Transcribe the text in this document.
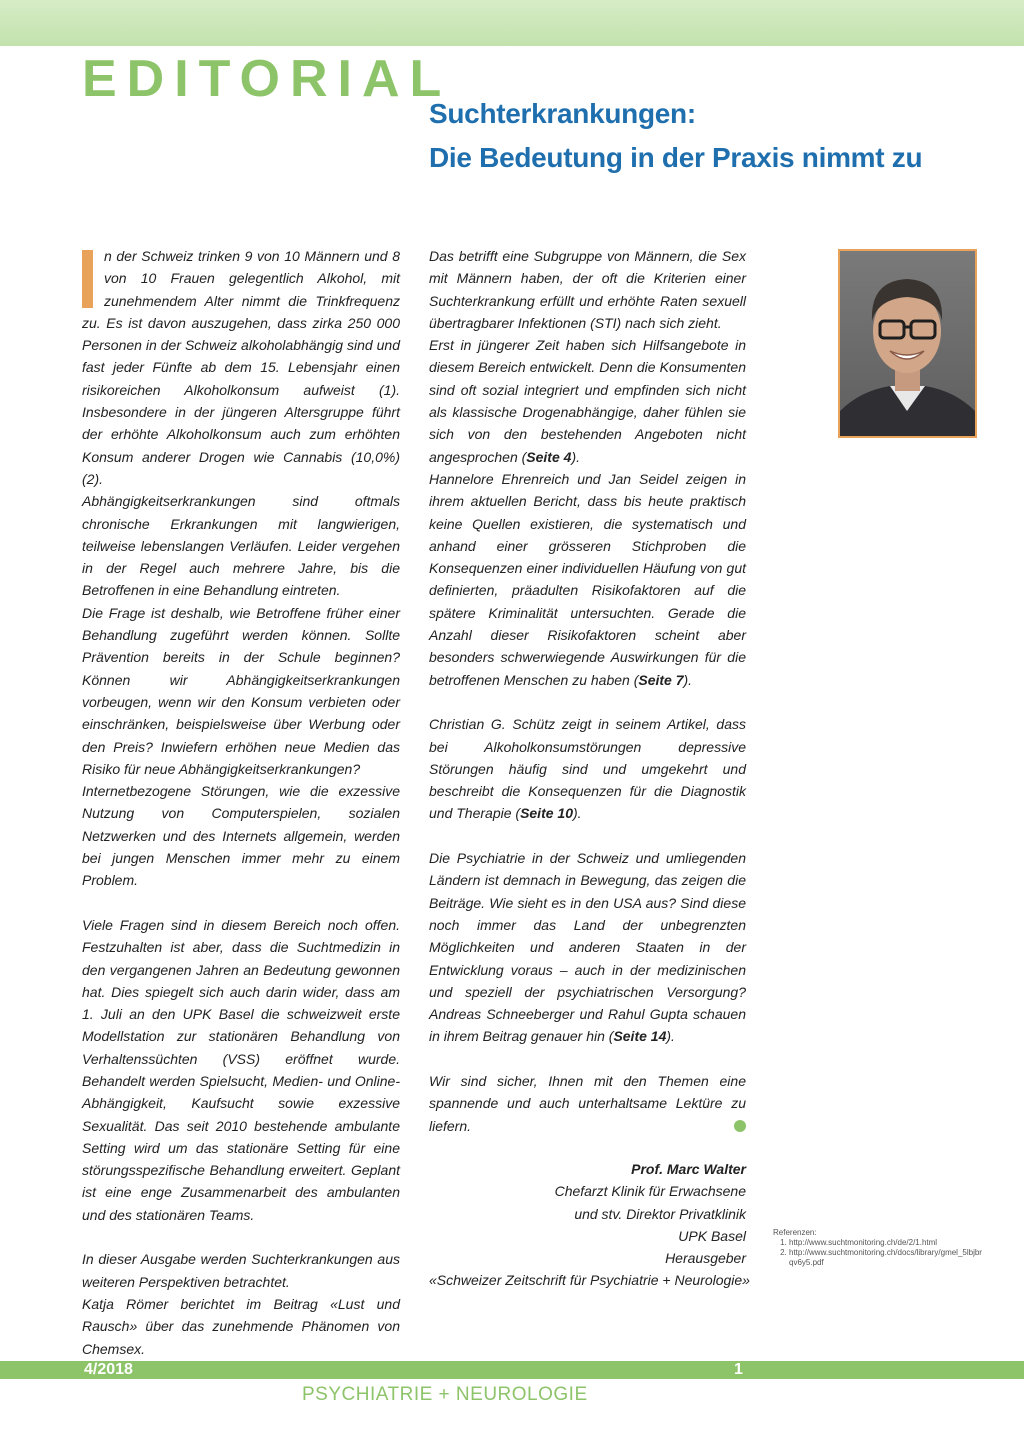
EDITORIAL
Suchterkrankungen:
Die Bedeutung in der Praxis nimmt zu

n der Schweiz trinken 9 von 10 Männern und 8 von 10 Frauen gelegentlich Alkohol, mit zunehmendem Alter nimmt die Trinkfrequenz zu. Es ist davon auszugehen, dass zirka 250 000 Personen in der Schweiz alkoholabhängig sind und fast jeder Fünfte ab dem 15. Lebensjahr einen risikoreichen Alkoholkonsum aufweist (1). Insbesondere in der jüngeren Altersgruppe führt der erhöhte Alkoholkonsum auch zum erhöhten Konsum anderer Drogen wie Cannabis (10,0%) (2).

Abhängigkeitserkrankungen sind oftmals chronische Erkrankungen mit langwierigen, teilweise lebenslangen Verläufen. Leider vergehen in der Regel auch mehrere Jahre, bis die Betroffenen in eine Behandlung eintreten.

Die Frage ist deshalb, wie Betroffene früher einer Behandlung zugeführt werden können. Sollte Prävention bereits in der Schule beginnen? Können wir Abhängigkeitserkrankungen vorbeugen, wenn wir den Konsum verbieten oder einschränken, beispielsweise über Werbung oder den Preis? Inwiefern erhöhen neue Medien das Risiko für neue Abhängigkeitserkrankungen?

Internetbezogene Störungen, wie die exzessive Nutzung von Computerspielen, sozialen Netzwerken und des Internets allgemein, werden bei jungen Menschen immer mehr zu einem Problem.

Viele Fragen sind in diesem Bereich noch offen. Festzuhalten ist aber, dass die Suchtmedizin in den vergangenen Jahren an Bedeutung gewonnen hat. Dies spiegelt sich auch darin wider, dass am 1. Juli an den UPK Basel die schweizweit erste Modellstation zur stationären Behandlung von Verhaltenssüchten (VSS) eröffnet wurde. Behandelt werden Spielsucht, Medien- und Online-Abhängigkeit, Kaufsucht sowie exzessive Sexualität. Das seit 2010 bestehende ambulante Setting wird um das stationäre Setting für eine störungsspezifische Behandlung erweitert. Geplant ist eine enge Zusammenarbeit des ambulanten und des stationären Teams.

In dieser Ausgabe werden Suchterkrankungen aus weiteren Perspektiven betrachtet.

Katja Römer berichtet im Beitrag «Lust und Rausch» über das zunehmende Phänomen von Chemsex.

Das betrifft eine Subgruppe von Männern, die Sex mit Männern haben, der oft die Kriterien einer Suchterkrankung erfüllt und erhöhte Raten sexuell übertragbarer Infektionen (STI) nach sich zieht.

Erst in jüngerer Zeit haben sich Hilfsangebote in diesem Bereich entwickelt. Denn die Konsumenten sind oft sozial integriert und empfinden sich nicht als klassische Drogenabhängige, daher fühlen sie sich von den bestehenden Angeboten nicht angesprochen (Seite 4).

Hannelore Ehrenreich und Jan Seidel zeigen in ihrem aktuellen Bericht, dass bis heute praktisch keine Quellen existieren, die systematisch und anhand einer grösseren Stichproben die Konsequenzen einer individuellen Häufung von gut definierten, präadulten Risikofaktoren auf die spätere Kriminalität untersuchten. Gerade die Anzahl dieser Risikofaktoren scheint aber besonders schwerwiegende Auswirkungen für die betroffenen Menschen zu haben (Seite 7).

Christian G. Schütz zeigt in seinem Artikel, dass bei Alkoholkonsumstörungen depressive Störungen häufig sind und umgekehrt und beschreibt die Konsequenzen für die Diagnostik und Therapie (Seite 10).

Die Psychiatrie in der Schweiz und umliegenden Ländern ist demnach in Bewegung, das zeigen die Beiträge. Wie sieht es in den USA aus? Sind diese noch immer das Land der unbegrenzten Möglichkeiten und anderen Staaten in der Entwicklung voraus – auch in der medizinischen und speziell der psychiatrischen Versorgung? Andreas Schneeberger und Rahul Gupta schauen in ihrem Beitrag genauer hin (Seite 14).

Wir sind sicher, Ihnen mit den Themen eine spannende und auch unterhaltsame Lektüre zu liefern.

Prof. Marc Walter
Chefarzt Klinik für Erwachsene
und stv. Direktor Privatklinik
UPK Basel
Herausgeber
«Schweizer Zeitschrift für Psychiatrie + Neurologie»
Referenzen:
1. http://www.suchtmonitoring.ch/de/2/1.html
2. http://www.suchtmonitoring.ch/docs/library/gmel_5lbjbrqv6y5.pdf
4/2018	1
PSYCHIATRIE + NEUROLOGIE
